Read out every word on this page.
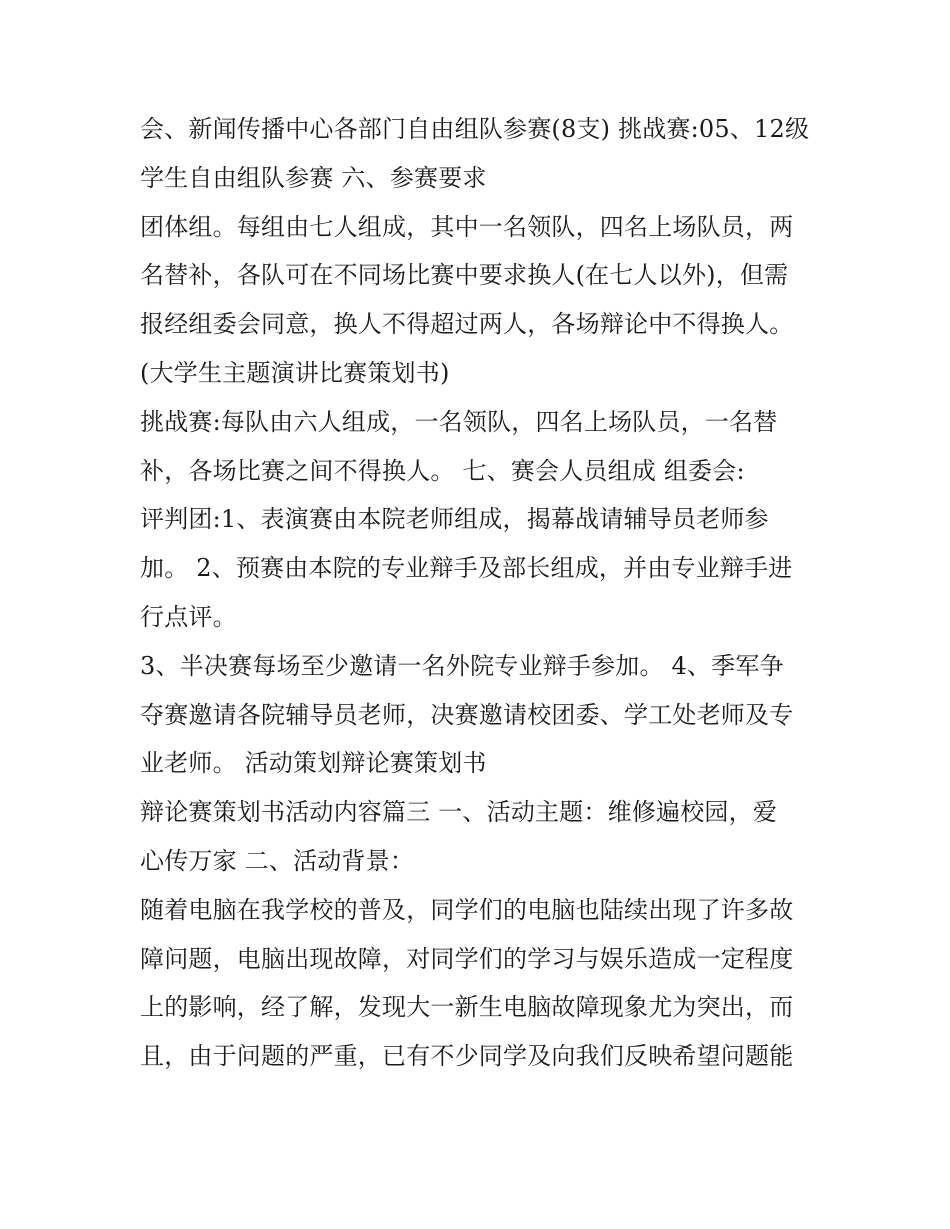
会、新闻传播中心各部门自由组队参赛(8支) 挑战赛:05、12级
学生自由组队参赛 六、参赛要求
团体组。每组由七人组成，其中一名领队，四名上场队员，两
名替补，各队可在不同场比赛中要求换人(在七人以外)，但需
报经组委会同意，换人不得超过两人，各场辩论中不得换人。
(大学生主题演讲比赛策划书)
挑战赛:每队由六人组成，一名领队，四名上场队员，一名替
补，各场比赛之间不得换人。 七、赛会人员组成 组委会:
评判团:1、表演赛由本院老师组成，揭幕战请辅导员老师参
加。 2、预赛由本院的专业辩手及部长组成，并由专业辩手进
行点评。
3、半决赛每场至少邀请一名外院专业辩手参加。 4、季军争
夺赛邀请各院辅导员老师，决赛邀请校团委、学工处老师及专
业老师。 活动策划辩论赛策划书
辩论赛策划书活动内容篇三 一、活动主题：维修遍校园，爱
心传万家 二、活动背景：
随着电脑在我学校的普及，同学们的电脑也陆续出现了许多故
障问题，电脑出现故障，对同学们的学习与娱乐造成一定程度
上的影响，经了解，发现大一新生电脑故障现象尤为突出，而
且，由于问题的严重，已有不少同学及向我们反映希望问题能
